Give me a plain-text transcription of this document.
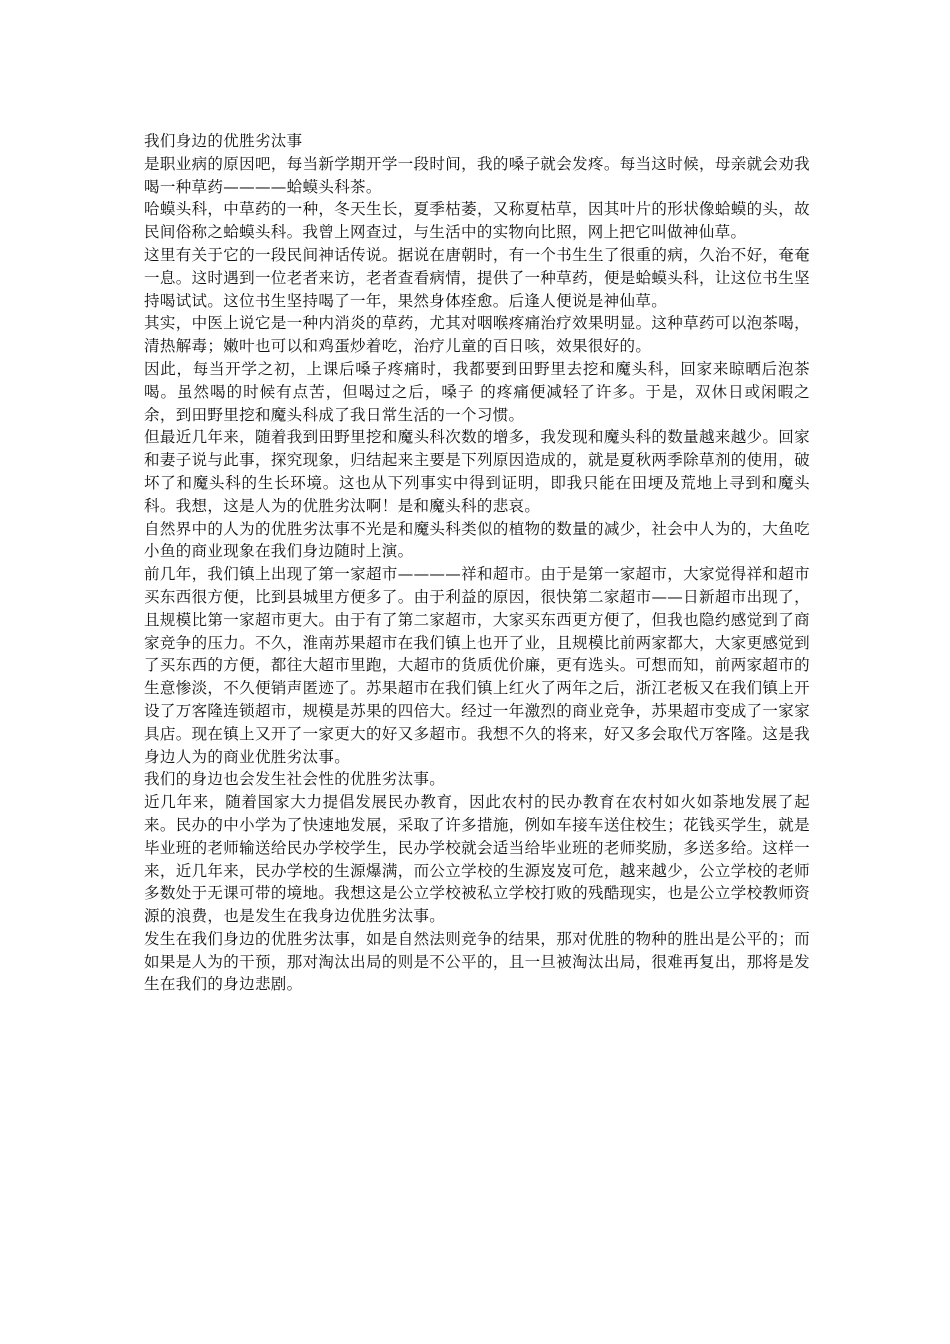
我们身边的优胜劣汰事

是职业病的原因吧，每当新学期开学一段时间，我的嗓子就会发疼。每当这时候，母亲就会劝我喝一种草药————蛤蟆头科茶。

哈蟆头科，中草药的一种，冬天生长，夏季枯萎，又称夏枯草，因其叶片的形状像蛤蟆的头，故民间俗称之蛤蟆头科。我曾上网查过，与生活中的实物向比照，网上把它叫做神仙草。

这里有关于它的一段民间神话传说。据说在唐朝时，有一个书生生了很重的病，久治不好，奄奄一息。这时遇到一位老者来访，老者查看病情，提供了一种草药，便是蛤蟆头科，让这位书生坚持喝试试。这位书生坚持喝了一年，果然身体痊愈。后逢人便说是神仙草。

其实，中医上说它是一种内消炎的草药，尤其对咽喉疼痛治疗效果明显。这种草药可以泡茶喝，清热解毒；嫩叶也可以和鸡蛋炒着吃，治疗儿童的百日咳，效果很好的。

因此，每当开学之初，上课后嗓子疼痛时，我都要到田野里去挖和魔头科，回家来晾晒后泡茶喝。虽然喝的时候有点苦，但喝过之后，嗓子 的疼痛便减轻了许多。于是，双休日或闲暇之余，到田野里挖和魔头科成了我日常生活的一个习惯。

但最近几年来，随着我到田野里挖和魔头科次数的增多，我发现和魔头科的数量越来越少。回家和妻子说与此事，探究现象，归结起来主要是下列原因造成的，就是夏秋两季除草剂的使用，破坏了和魔头科的生长环境。这也从下列事实中得到证明，即我只能在田埂及荒地上寻到和魔头科。我想，这是人为的优胜劣汰啊！是和魔头科的悲哀。

自然界中的人为的优胜劣汰事不光是和魔头科类似的植物的数量的减少，社会中人为的，大鱼吃小鱼的商业现象在我们身边随时上演。

前几年，我们镇上出现了第一家超市————祥和超市。由于是第一家超市，大家觉得祥和超市买东西很方便，比到县城里方便多了。由于利益的原因，很快第二家超市——日新超市出现了，且规模比第一家超市更大。由于有了第二家超市，大家买东西更方便了，但我也隐约感觉到了商家竞争的压力。不久，淮南苏果超市在我们镇上也开了业，且规模比前两家都大，大家更感觉到了买东西的方便，都往大超市里跑，大超市的货质优价廉，更有选头。可想而知，前两家超市的生意惨淡，不久便销声匿迹了。苏果超市在我们镇上红火了两年之后，浙江老板又在我们镇上开设了万客隆连锁超市，规模是苏果的四倍大。经过一年激烈的商业竞争，苏果超市变成了一家家具店。现在镇上又开了一家更大的好又多超市。我想不久的将来，好又多会取代万客隆。这是我身边人为的商业优胜劣汰事。

我们的身边也会发生社会性的优胜劣汰事。

近几年来，随着国家大力提倡发展民办教育，因此农村的民办教育在农村如火如荼地发展了起来。民办的中小学为了快速地发展，采取了许多措施，例如车接车送住校生；花钱买学生，就是毕业班的老师输送给民办学校学生，民办学校就会适当给毕业班的老师奖励，多送多给。这样一来，近几年来，民办学校的生源爆满，而公立学校的生源岌岌可危，越来越少，公立学校的老师多数处于无课可带的境地。我想这是公立学校被私立学校打败的残酷现实，也是公立学校教师资源的浪费，也是发生在我身边优胜劣汰事。

发生在我们身边的优胜劣汰事，如是自然法则竞争的结果，那对优胜的物种的胜出是公平的；而如果是人为的干预，那对淘汰出局的则是不公平的，且一旦被淘汰出局，很难再复出，那将是发生在我们的身边悲剧。
